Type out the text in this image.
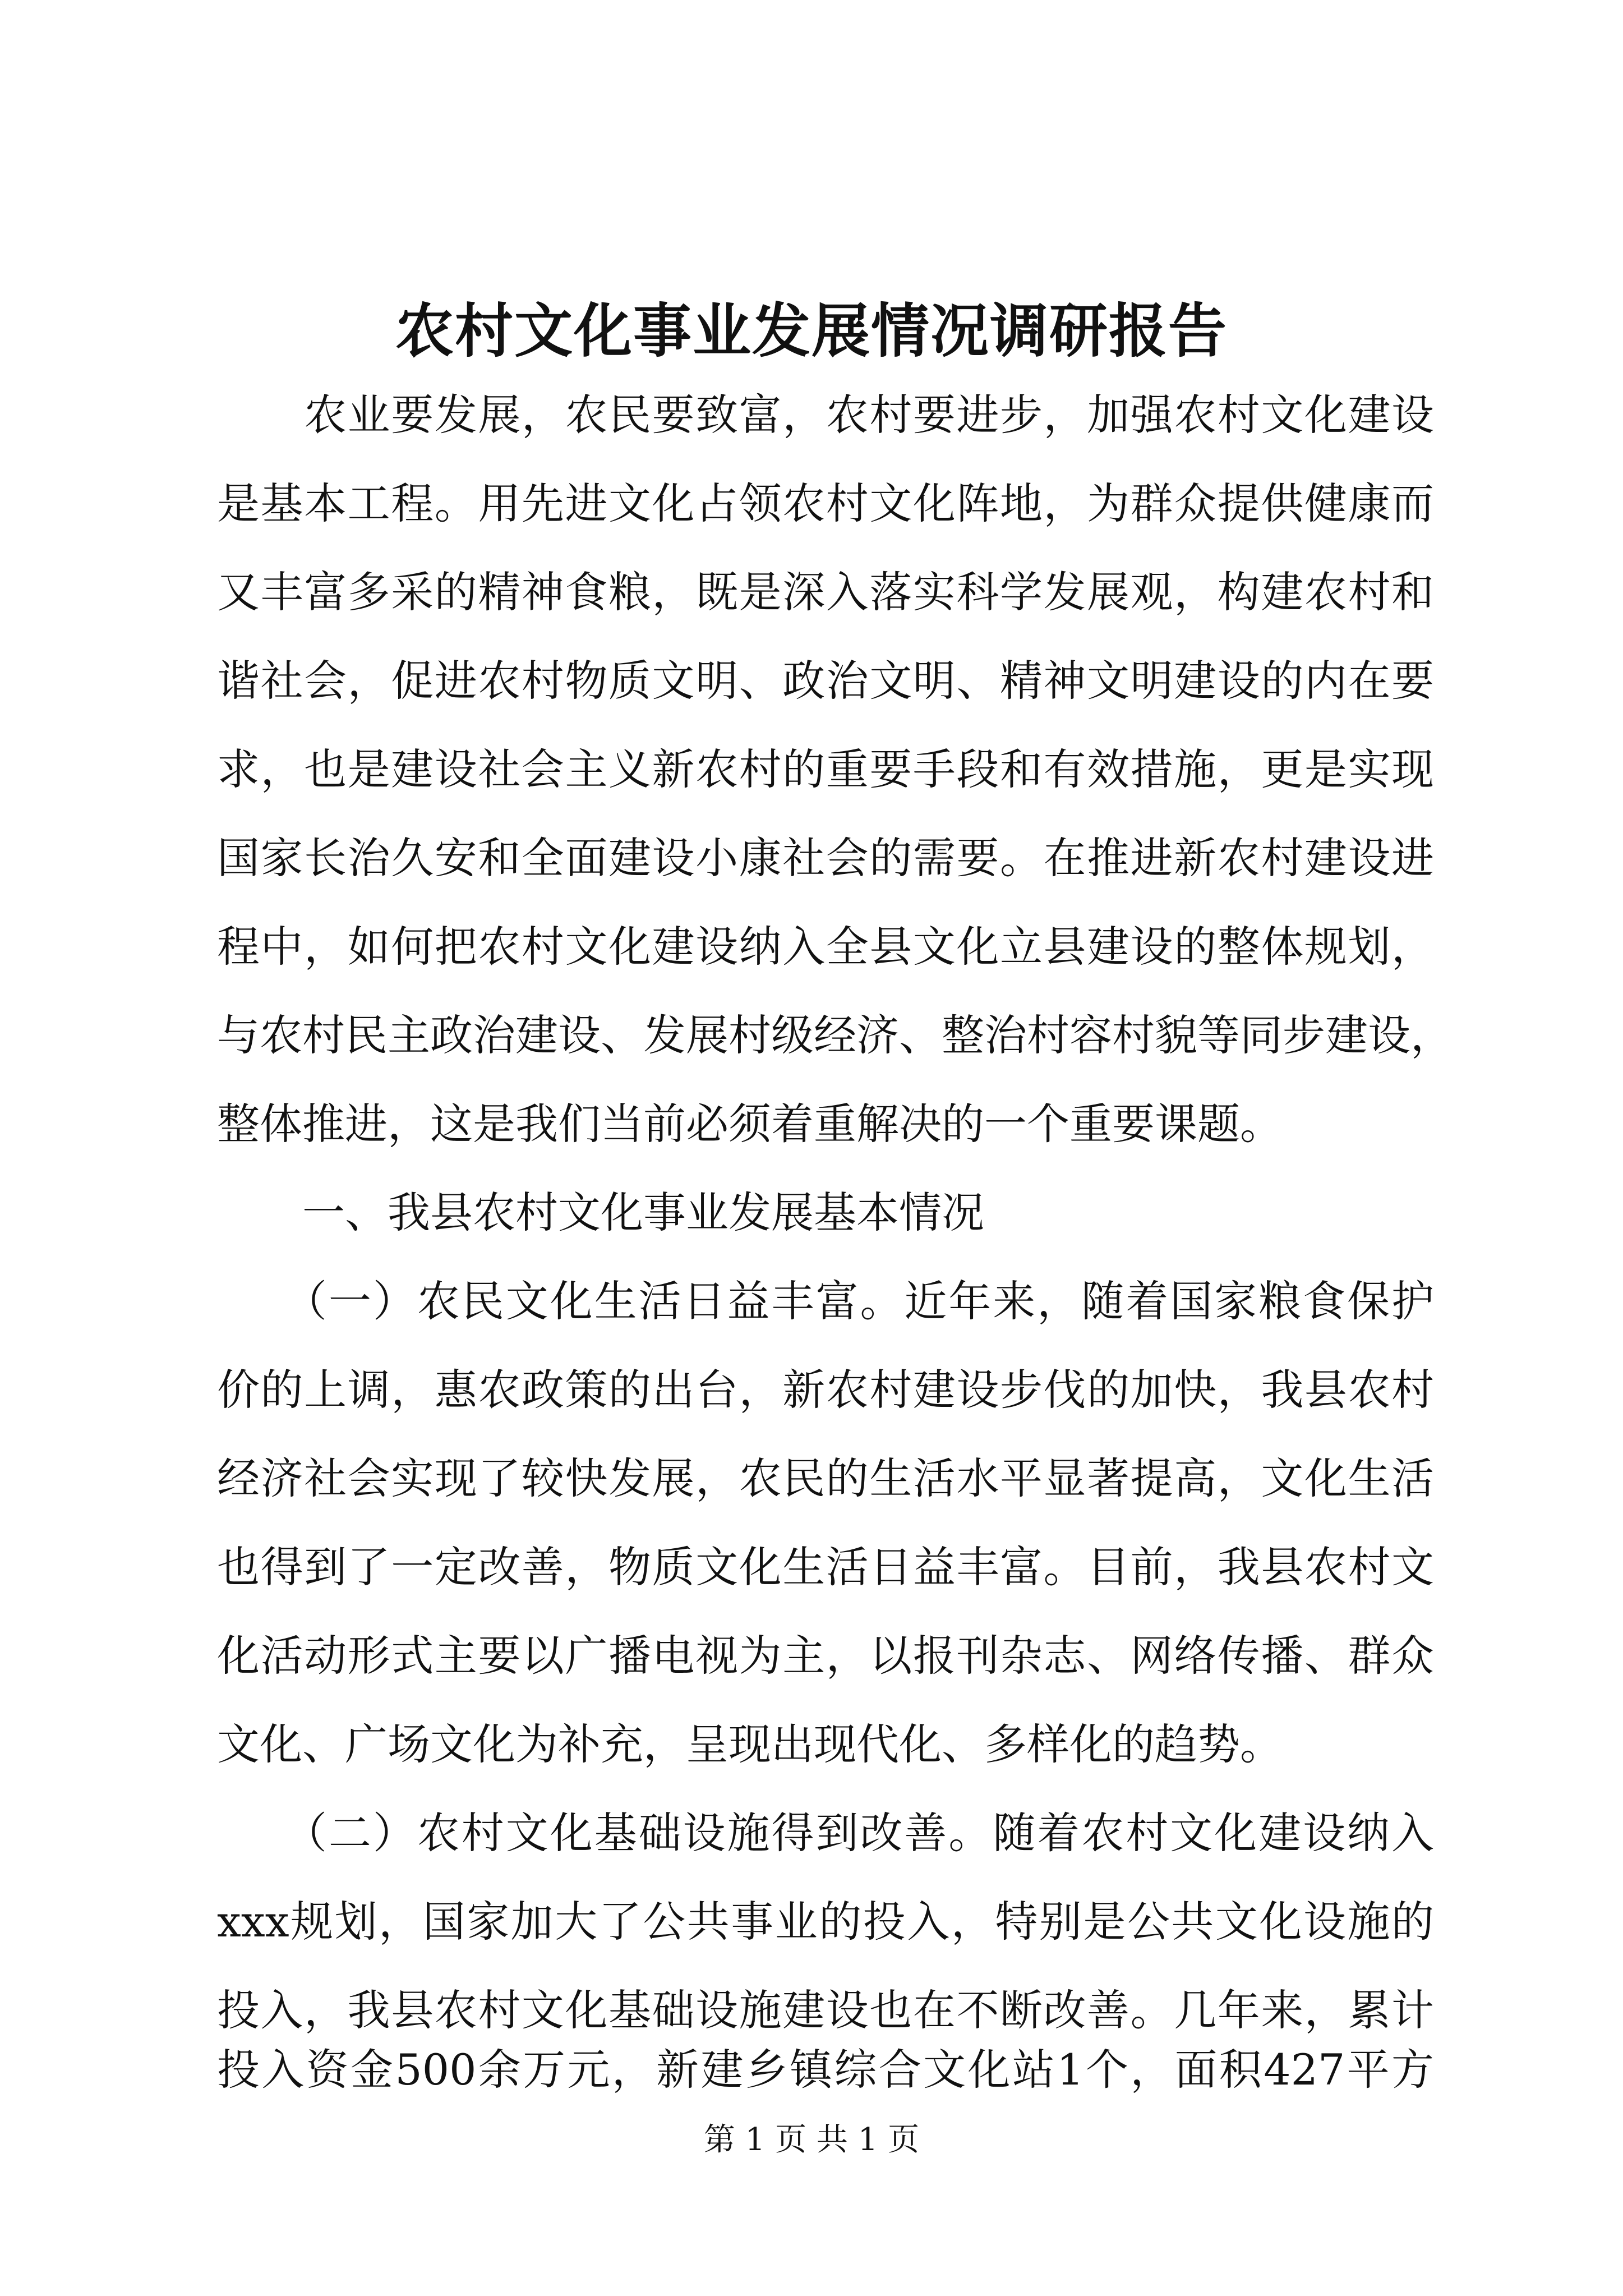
农村文化事业发展情况调研报告
　　农业要发展，农民要致富，农村要进步，加强农村文化建设
是基本工程。用先进文化占领农村文化阵地，为群众提供健康而
又丰富多采的精神食粮，既是深入落实科学发展观，构建农村和
谐社会，促进农村物质文明、政治文明、精神文明建设的内在要
求，也是建设社会主义新农村的重要手段和有效措施，更是实现
国家长治久安和全面建设小康社会的需要。在推进新农村建设进
程中，如何把农村文化建设纳入全县文化立县建设的整体规划，
与农村民主政治建设、发展村级经济、整治村容村貌等同步建设，
整体推进，这是我们当前必须着重解决的一个重要课题。
　　一、我县农村文化事业发展基本情况
　　（一）农民文化生活日益丰富。近年来，随着国家粮食保护
价的上调，惠农政策的出台，新农村建设步伐的加快，我县农村
经济社会实现了较快发展，农民的生活水平显著提高，文化生活
也得到了一定改善，物质文化生活日益丰富。目前，我县农村文
化活动形式主要以广播电视为主，以报刊杂志、网络传播、群众
文化、广场文化为补充，呈现出现代化、多样化的趋势。
　　（二）农村文化基础设施得到改善。随着农村文化建设纳入
xxx规划，国家加大了公共事业的投入，特别是公共文化设施的
投入，我县农村文化基础设施建设也在不断改善。几年来，累计
投入资金500余万元，新建乡镇综合文化站1个，面积427平方
第 1 页 共 1 页
